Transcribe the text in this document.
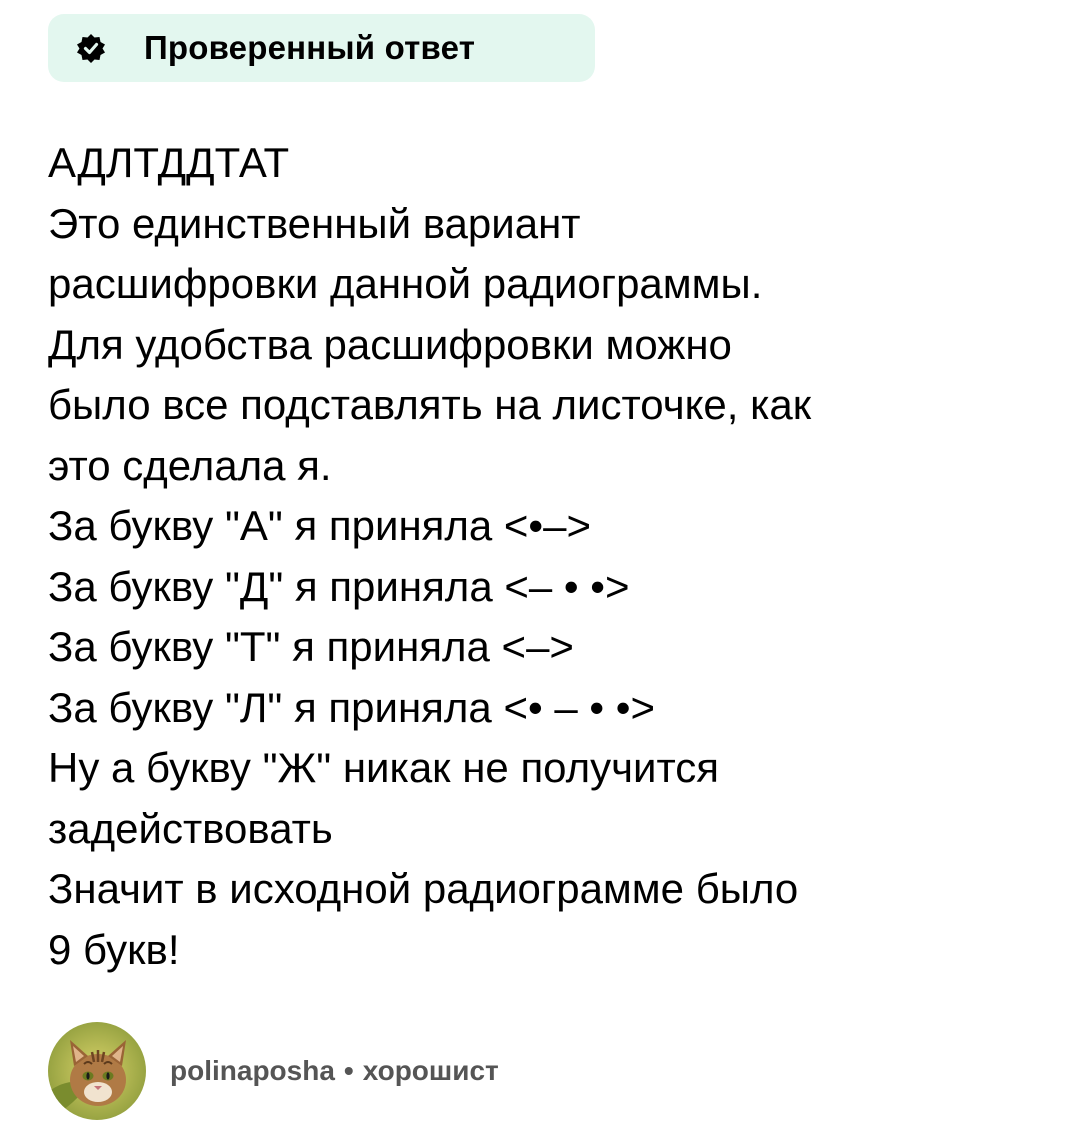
Проверенный ответ
АДЛТДДТАТ
Это единственный вариант
расшифровки данной радиограммы.
Для удобства расшифровки можно
было все подставлять на листочке, как
это сделала я.
За букву "А" я приняла <•–>
За букву "Д" я приняла <– • •>
За букву "Т" я приняла <–>
За букву "Л" я приняла <• – • •>
Ну а букву "Ж" никак не получится
задействовать
Значит в исходной радиограмме было
9 букв!
polinaposha • хорошист
